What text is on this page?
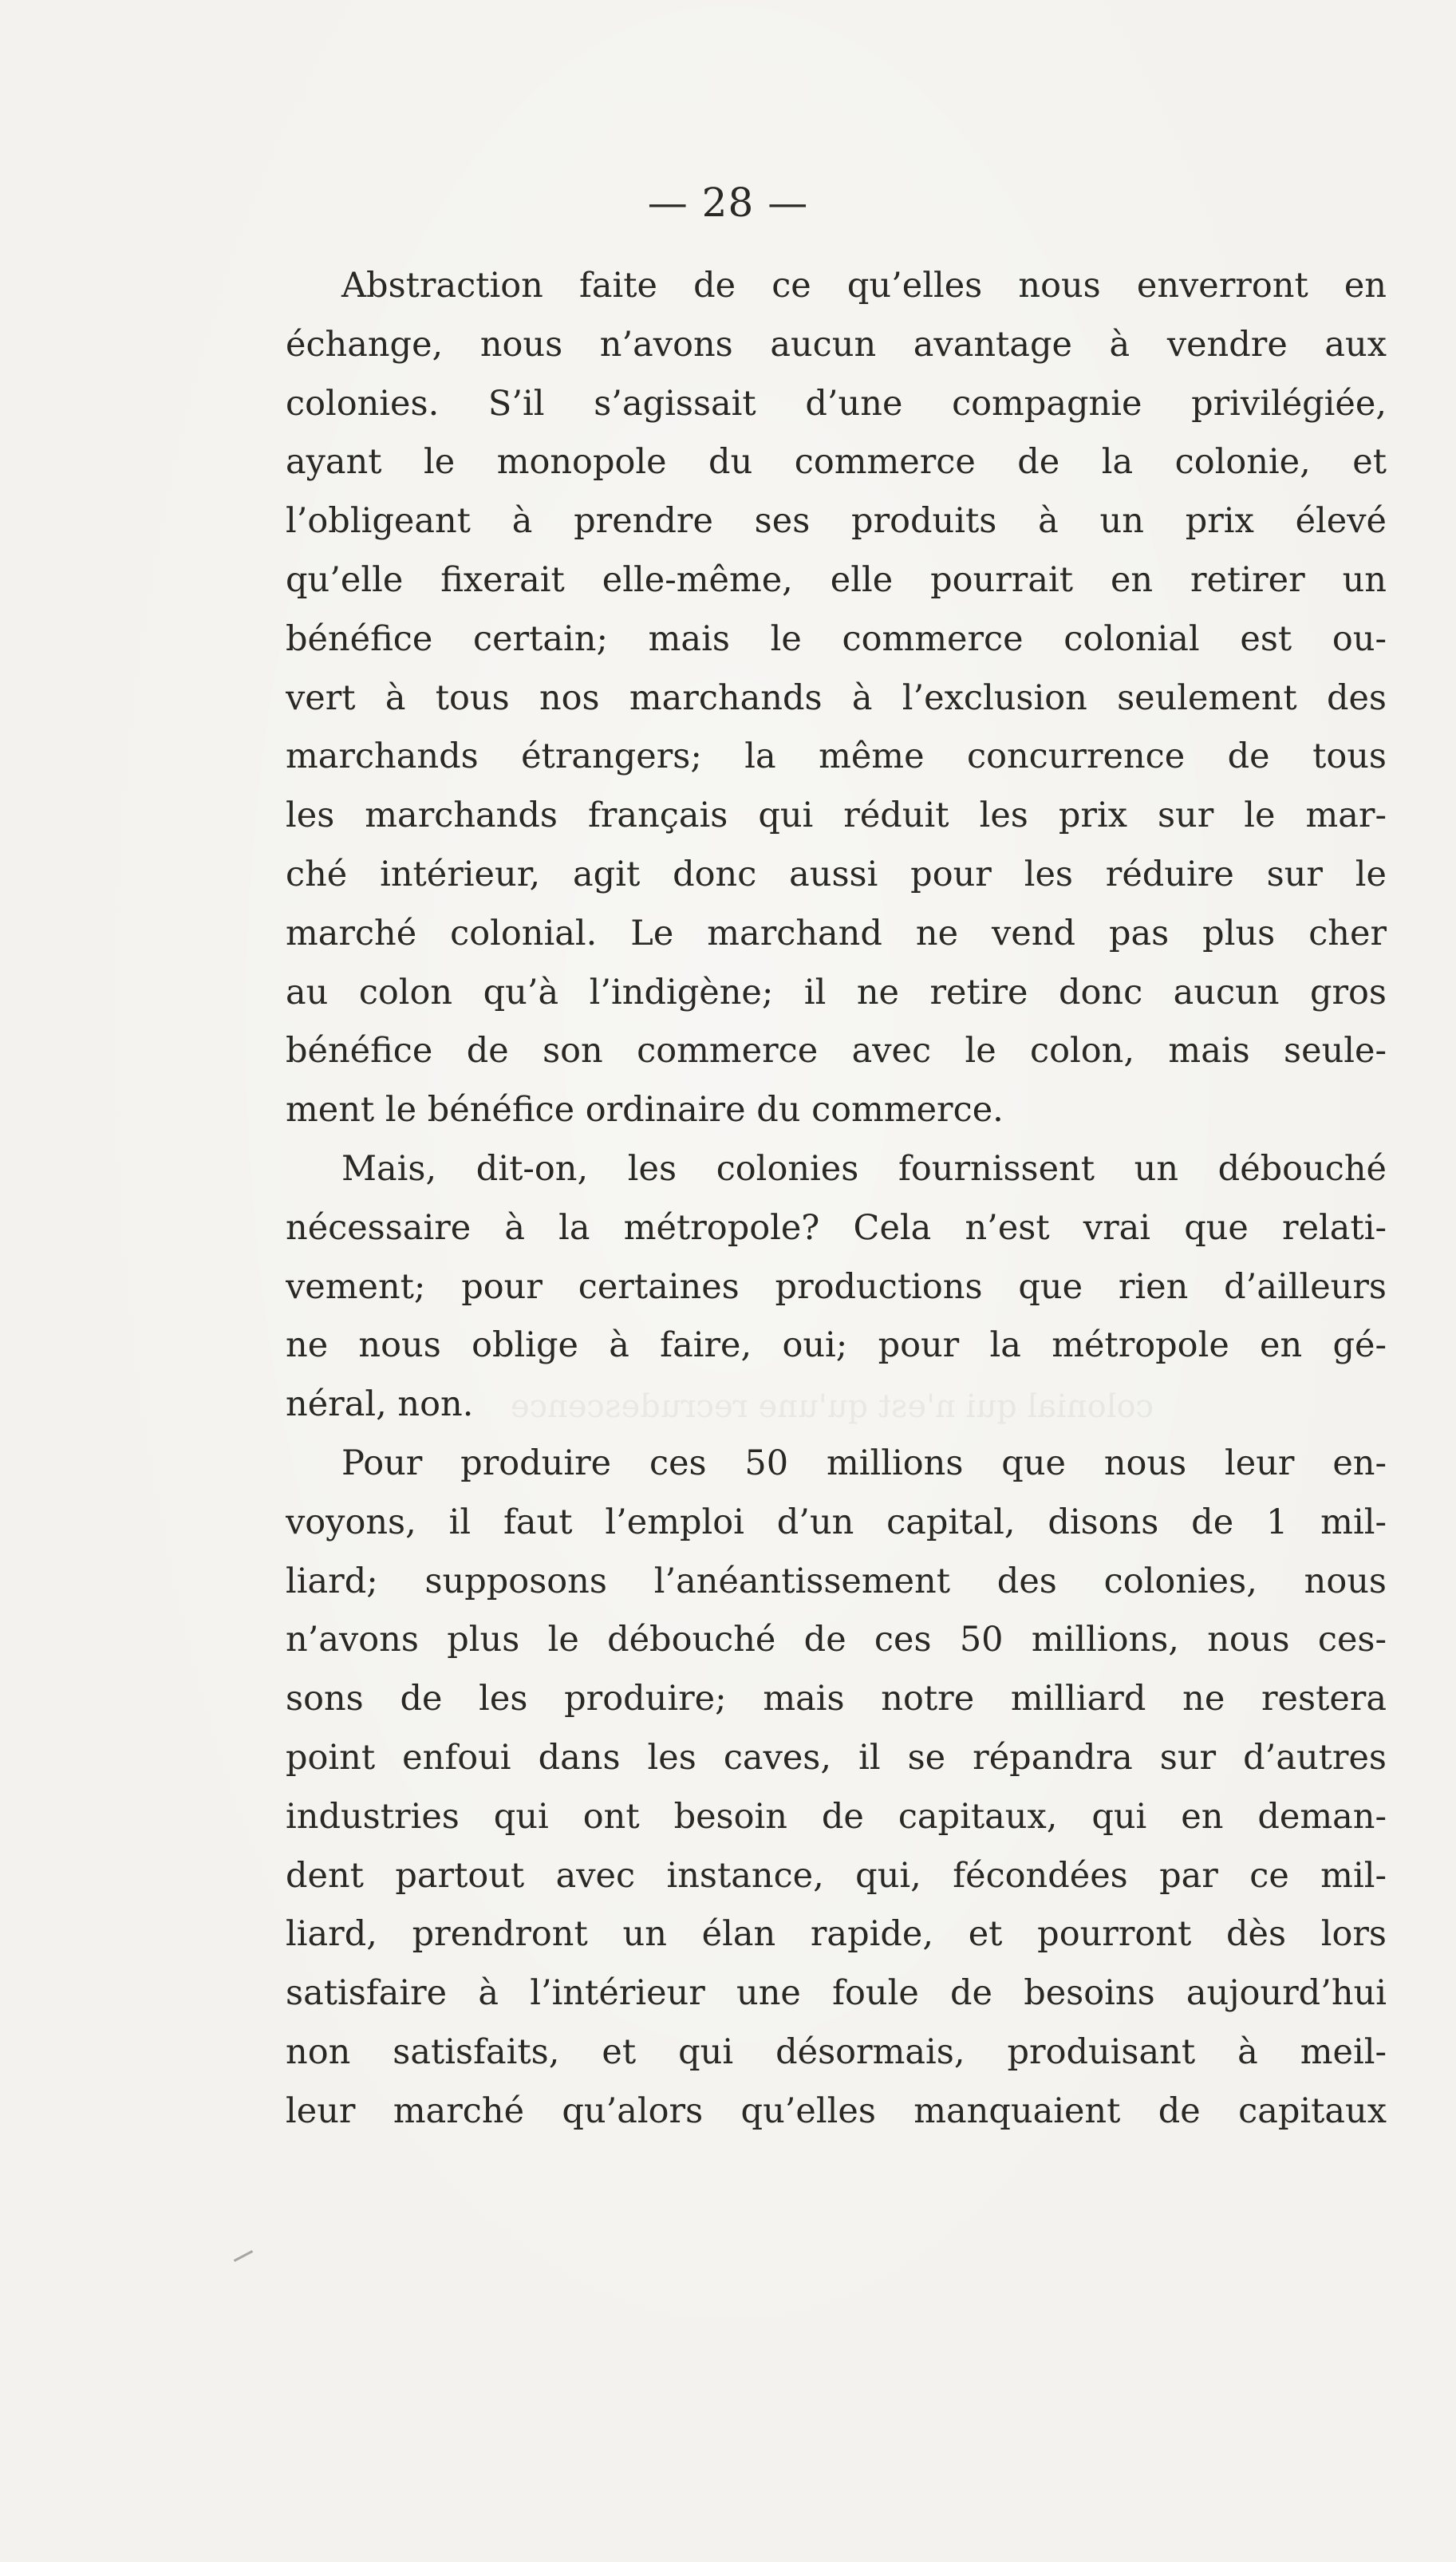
colonial qui n'est qu'une recrudescence
— 28 —
Abstraction faite de ce qu’elles nous enverront en
échange, nous n’avons aucun avantage à vendre aux
colonies. S’il s’agissait d’une compagnie privilégiée,
ayant le monopole du commerce de la colonie, et
l’obligeant à prendre ses produits à un prix élevé
qu’elle fixerait elle-même, elle pourrait en retirer un
bénéfice certain; mais le commerce colonial est ou-
vert à tous nos marchands à l’exclusion seulement des
marchands étrangers; la même concurrence de tous
les marchands français qui réduit les prix sur le mar-
ché intérieur, agit donc aussi pour les réduire sur le
marché colonial. Le marchand ne vend pas plus cher
au colon qu’à l’indigène; il ne retire donc aucun gros
bénéfice de son commerce avec le colon, mais seule-
ment le bénéfice ordinaire du commerce.
Mais, dit-on, les colonies fournissent un débouché
nécessaire à la métropole? Cela n’est vrai que relati-
vement; pour certaines productions que rien d’ailleurs
ne nous oblige à faire, oui; pour la métropole en gé-
néral, non.
Pour produire ces 50 millions que nous leur en-
voyons, il faut l’emploi d’un capital, disons de 1 mil-
liard; supposons l’anéantissement des colonies, nous
n’avons plus le débouché de ces 50 millions, nous ces-
sons de les produire; mais notre milliard ne restera
point enfoui dans les caves, il se répandra sur d’autres
industries qui ont besoin de capitaux, qui en deman-
dent partout avec instance, qui, fécondées par ce mil-
liard, prendront un élan rapide, et pourront dès lors
satisfaire à l’intérieur une foule de besoins aujourd’hui
non satisfaits, et qui désormais, produisant à meil-
leur marché qu’alors qu’elles manquaient de capitaux
